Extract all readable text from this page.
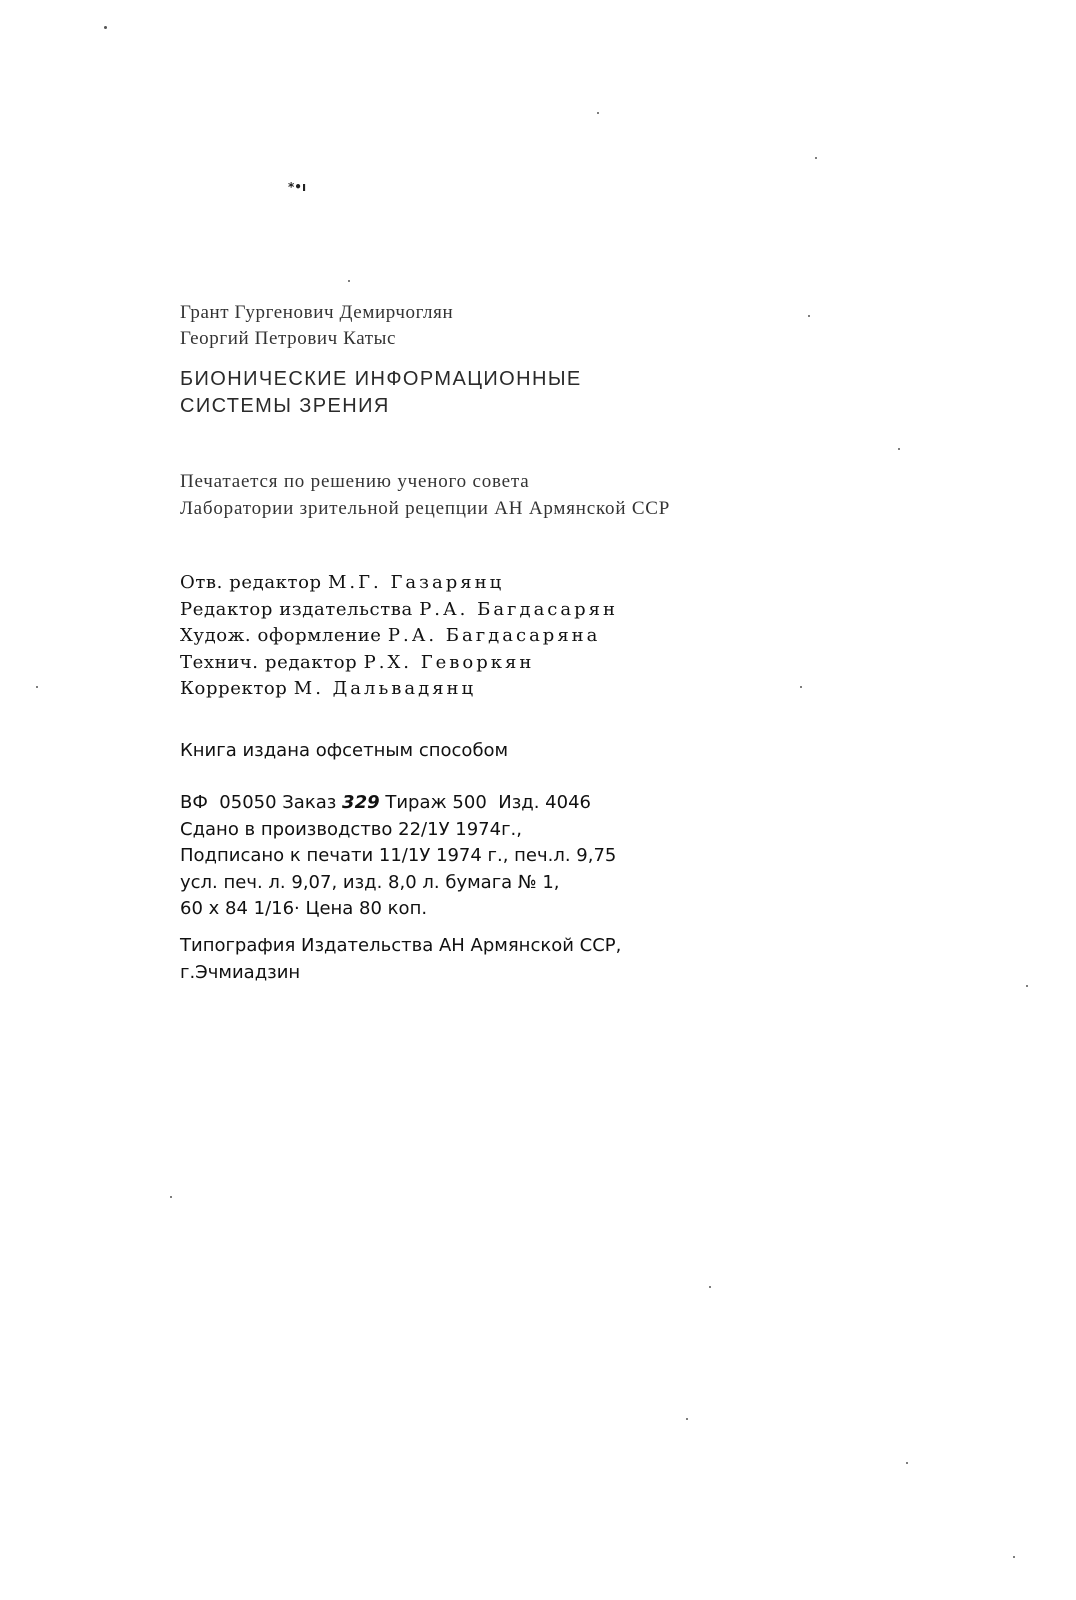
*•ı
Грант Гургенович Демирчоглян
Георгий Петрович Катыс
БИОНИЧЕСКИЕ ИНФОРМАЦИОННЫЕ
СИСТЕМЫ ЗРЕНИЯ
Печатается по решению ученого совета
Лаборатории зрительной рецепции АН Армянской ССР
Отв. редактор М.Г. Газарянц
Редактор издательства Р.А. Багдасарян
Худож. оформление Р.А. Багдасаряна
Технич. редактор Р.Х. Геворкян
Корректор М. Дальвадянц
Книга издана офсетным способом
ВФ  05050 Заказ 329 Тираж 500  Изд. 4046
Сдано в производство 22/1У 1974г.,
Подписано к печати 11/1У 1974 г., печ.л. 9,75
усл. печ. л. 9,07, изд. 8,0 л. бумага № 1,
60 х 84 1/16· Цена 80 коп.
Типография Издательства АН Армянской ССР,
г.Эчмиадзин
